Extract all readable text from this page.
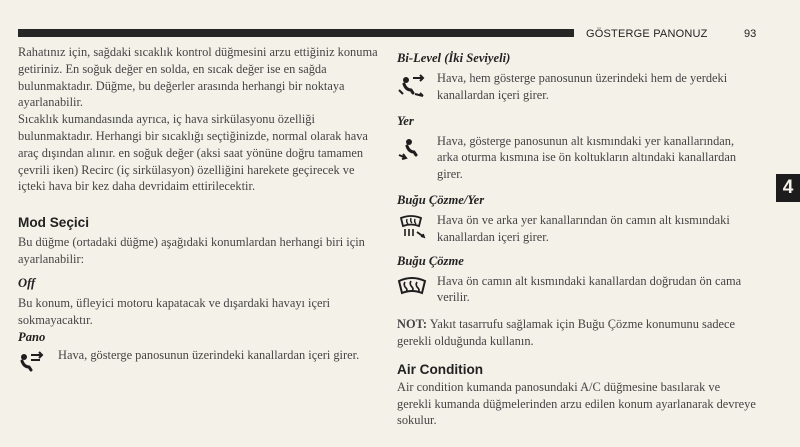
GÖSTERGE PANONUZ	93
4

Rahatınız için, sağdaki sıcaklık kontrol düğmesini arzu ettiğiniz konuma getiriniz. En soğuk değer en solda, en sıcak değer ise en sağda bulunmaktadır. Düğme, bu değerler arasında herhangi bir noktaya ayarlanabilir.

Sıcaklık kumandasında ayrıca, iç hava sirkülasyonu özelliği bulunmaktadır. Herhangi bir sıcaklığı seçtiğinizde, normal olarak hava araç dışından alınır. en soğuk değer (aksi saat yönüne doğru tamamen çevrili iken) Recirc (iç sirkülasyon) özelliğini harekete geçirecek ve içteki hava bir kez daha devridaim ettirilecektir.

Mod Seçici

Bu düğme (ortadaki düğme) aşağıdaki konumlardan herhangi biri için ayarlanabilir:

Off

Bu konum, üfleyici motoru kapatacak ve dışardaki havayı içeri sokmayacaktır.

Pano

Hava, gösterge panosunun üzerindeki kanallardan içeri girer.

Bi-Level (İki Seviyeli)

Hava, hem gösterge panosunun üzerindeki hem de yerdeki kanallardan içeri girer.

Yer

Hava, gösterge panosunun alt kısmındaki yer kanallarından, arka oturma kısmına ise ön koltukların altındaki kanallardan girer.

Buğu Çözme/Yer

Hava ön ve arka yer kanallarından ön camın alt kısmındaki kanallardan içeri girer.

Buğu Çözme

Hava ön camın alt kısmındaki kanallardan doğrudan ön cama verilir.

NOT: Yakıt tasarrufu sağlamak için Buğu Çözme konumunu sadece gerekli olduğunda kullanın.

Air Condition

Air condition kumanda panosundaki A/C düğmesine basılarak ve gerekli kumanda düğmelerinden arzu edilen konum ayarlanarak devreye sokulur.
